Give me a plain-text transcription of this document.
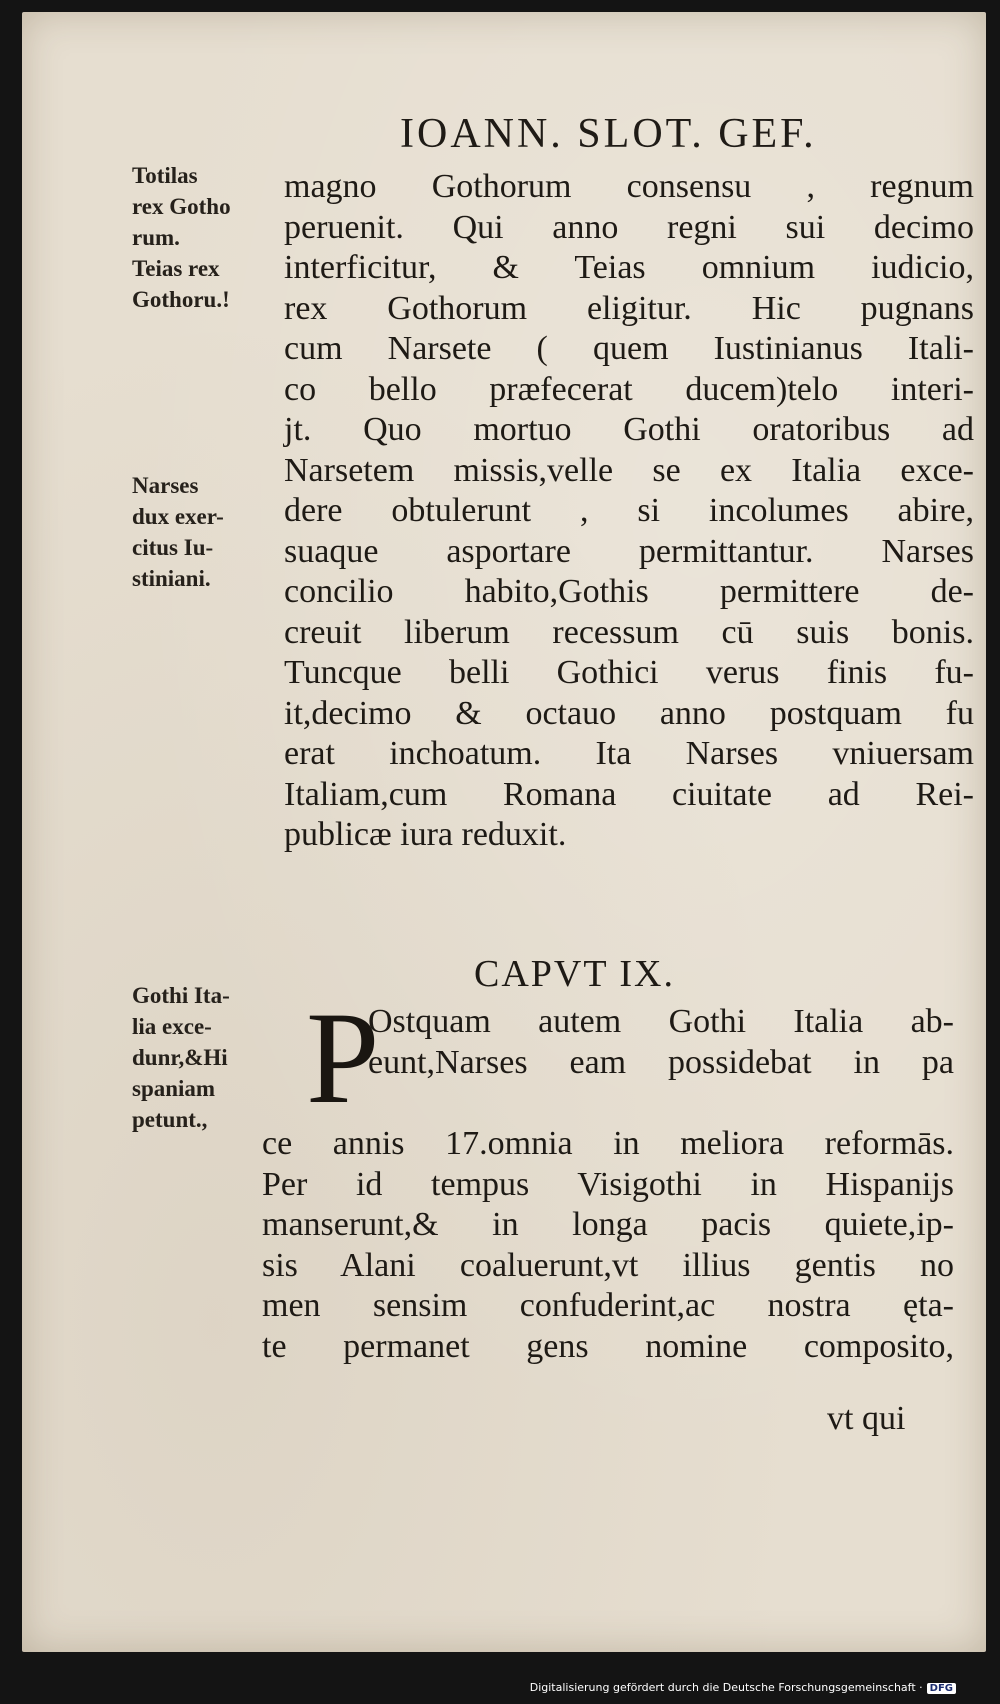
IOANN. SLOT. GEF.
Totilas
rex Gotho
rum.
Teias rex
Gothoru.!
Narses
dux exer-
citus Iu-
stiniani.
Gothi Ita-
lia exce-
dunr,&Hi
spaniam
petunt.,
magno Gothorum consensu , regnum
peruenit. Qui anno regni sui decimo
interficitur, & Teias omnium iudicio,
rex Gothorum eligitur. Hic pugnans
cum Narsete ( quem Iustinianus Itali-
co bello præfecerat ducem)telo interi-
jt. Quo mortuo Gothi oratoribus ad
Narsetem missis,velle se ex Italia exce-
dere obtulerunt , si incolumes abire,
suaque asportare permittantur. Narses
concilio habito,Gothis permittere de-
creuit liberum recessum cū suis bonis.
Tuncque belli Gothici verus finis fu-
it,decimo & octauo anno postquam fu
erat inchoatum. Ita Narses vniuersam
Italiam,cum Romana ciuitate ad Rei-
publicæ iura reduxit.
CAPVT IX.
P
Ostquam autem Gothi Italia ab-
eunt,Narses eam possidebat in pa
ce annis 17.omnia in meliora reformās.
Per id tempus Visigothi in Hispanijs
manserunt,& in longa pacis quiete,ip-
sis Alani coaluerunt,vt illius gentis no
men sensim confuderint,ac nostra ęta-
te permanet gens nomine composito,
vt qui
Digitalisierung gefördert durch die Deutsche Forschungsgemeinschaft · DFG
